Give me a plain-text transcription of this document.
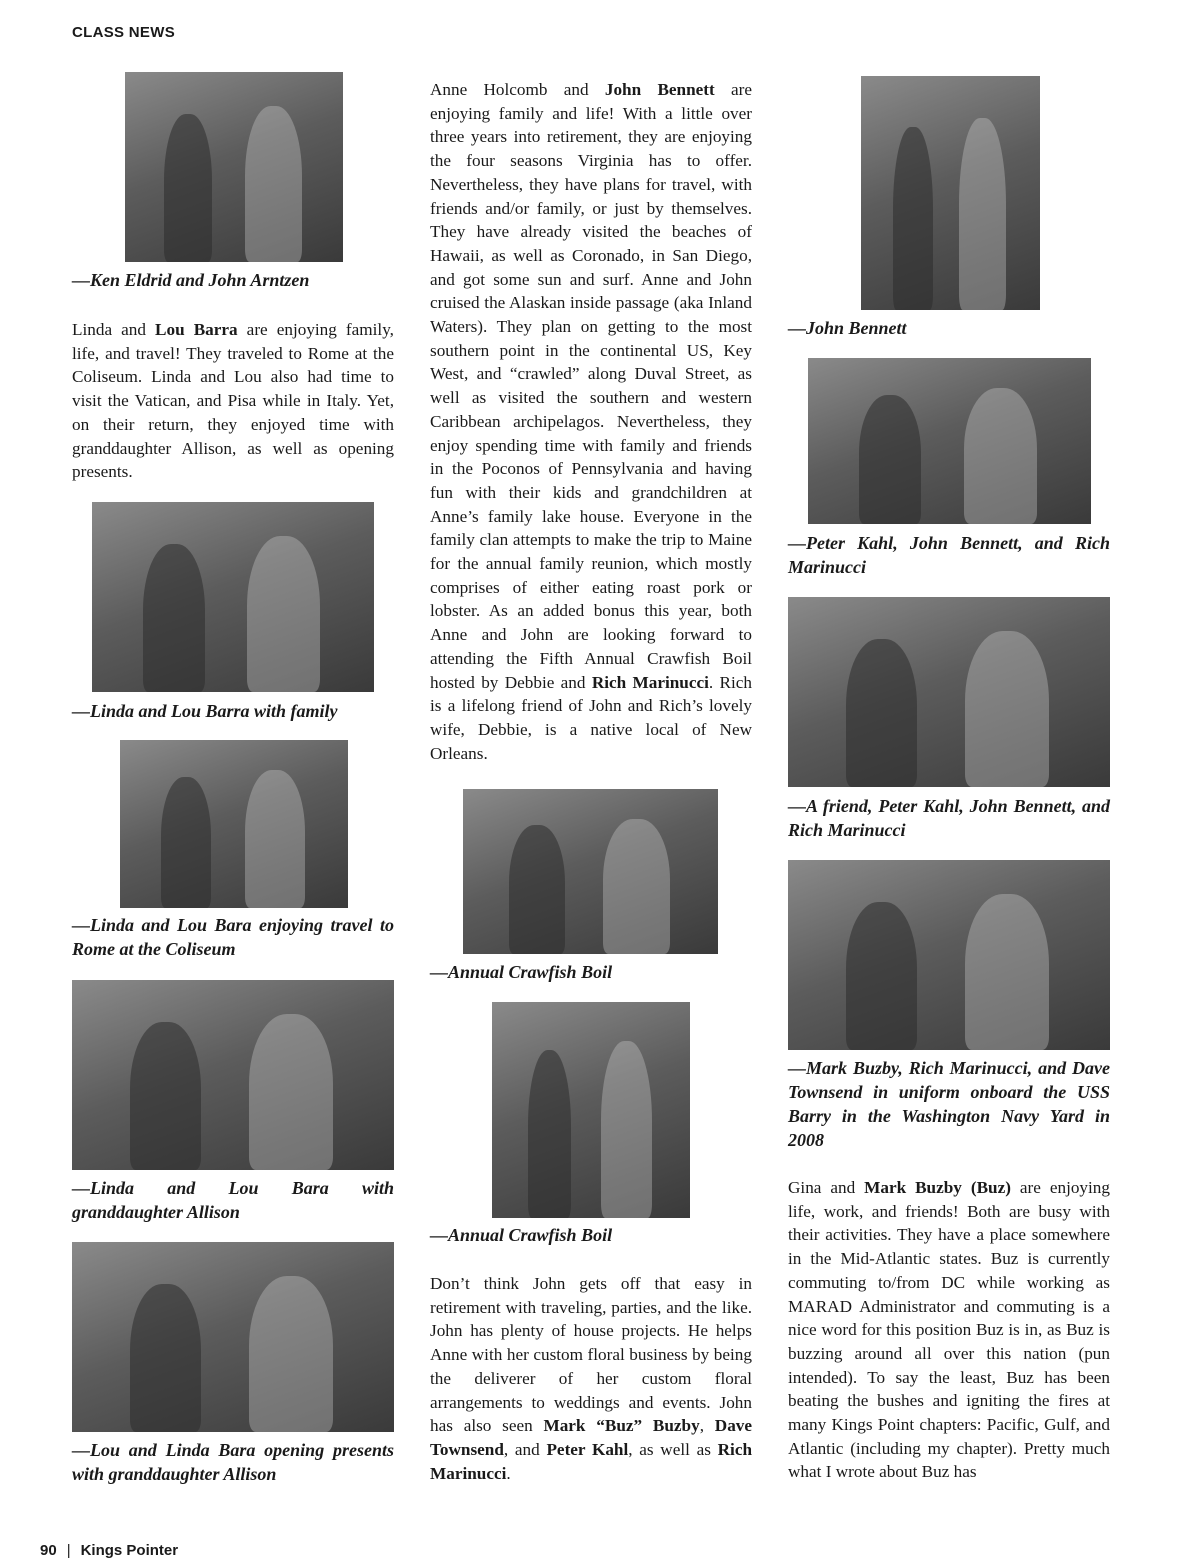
CLASS NEWS
—Ken Eldrid and John Arntzen

Linda and Lou Barra are enjoying family, life, and travel! They traveled to Rome at the Coliseum. Linda and Lou also had time to visit the Vatican, and Pisa while in Italy. Yet, on their return, they enjoyed time with granddaughter Allison, as well as opening presents.

—Linda and Lou Barra with family
—Linda and Lou Bara enjoying travel to Rome at the Coliseum
—Linda and Lou Bara with granddaughter Allison
—Lou and Linda Bara opening presents with granddaughter Allison

Anne Holcomb and John Bennett are enjoying family and life! With a little over three years into retirement, they are enjoying the four seasons Virginia has to offer. Nevertheless, they have plans for travel, with friends and/or family, or just by themselves. They have already visited the beaches of Hawaii, as well as Coronado, in San Diego, and got some sun and surf. Anne and John cruised the Alaskan inside passage (aka Inland Waters). They plan on getting to the most southern point in the continental US, Key West, and “crawled” along Duval Street, as well as visited the southern and western Caribbean archipelagos. Nevertheless, they enjoy spending time with family and friends in the Poconos of Pennsylvania and having fun with their kids and grandchildren at Anne’s family lake house. Everyone in the family clan attempts to make the trip to Maine for the annual family reunion, which mostly comprises of either eating roast pork or lobster. As an added bonus this year, both Anne and John are looking forward to attending the Fifth Annual Crawfish Boil hosted by Debbie and Rich Marinucci. Rich is a lifelong friend of John and Rich’s lovely wife, Debbie, is a native local of New Orleans.

—Annual Crawfish Boil
—Annual Crawfish Boil

Don’t think John gets off that easy in retirement with traveling, parties, and the like. John has plenty of house projects. He helps Anne with her custom floral business by being the deliverer of her custom floral arrangements to weddings and events. John has also seen Mark “Buz” Buzby, Dave Townsend, and Peter Kahl, as well as Rich Marinucci.

—John Bennett
—Peter Kahl, John Bennett, and Rich Marinucci
—A friend, Peter Kahl, John Bennett, and Rich Marinucci
—Mark Buzby, Rich Marinucci, and Dave Townsend in uniform onboard the USS Barry in the Washington Navy Yard in 2008

Gina and Mark Buzby (Buz) are enjoying life, work, and friends! Both are busy with their activities. They have a place somewhere in the Mid-Atlantic states. Buz is currently commuting to/from DC while working as MARAD Administrator and commuting is a nice word for this position Buz is in, as Buz is buzzing around all over this nation (pun intended). To say the least, Buz has been beating the bushes and igniting the fires at many Kings Point chapters: Pacific, Gulf, and Atlantic (including my chapter). Pretty much what I wrote about Buz has

90 | Kings Pointer
